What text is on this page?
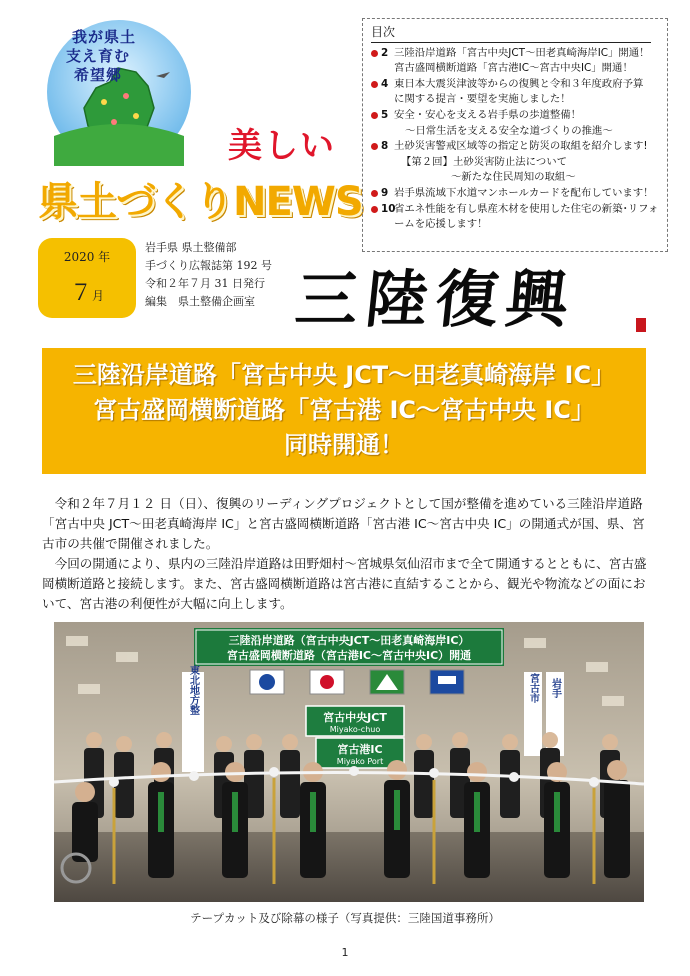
我が県土
支え育む
希望郷
美しい
県土づくりNEWS
目次
2 三陸沿岸道路「宮古中央JCT～田老真崎海岸IC」開通！
宮古盛岡横断道路「宮古港IC～宮古中央IC」開通！
4 東日本大震災津波等からの復興と令和３年度政府予算
に関する提言・要望を実施しました！
5 安全・安心を支える岩手県の歩道整備！
～日常生活を支える安全な道づくりの推進～
8 土砂災害警戒区域等の指定と防災の取組を紹介します!
【第２回】土砂災害防止法について
～新たな住民周知の取組～
9 岩手県流域下水道マンホールカードを配布しています！
10
省エネ性能を有し県産木材を使用した住宅の新築･リフォ
ームを応援します！
2020 年
７月
岩手県 県土整備部
手づくり広報誌第 192 号
令和２年７月 31 日発行
編集　県土整備企画室 三陸復興
三陸沿岸道路「宮古中央 JCT～田老真崎海岸 IC」
宮古盛岡横断道路「宮古港 IC～宮古中央 IC」
同時開通！

令和２年７月１２ 日（日）、復興のリーディングプロジェクトとして国が整備を進めている三陸沿岸道路「宮古中央 JCT～田老真崎海岸 IC」と宮古盛岡横断道路「宮古港 IC～宮古中央 IC」の開通式が国、県、宮古市の共催で開催されました。

今回の開通により、県内の三陸沿岸道路は田野畑村～宮城県気仙沼市まで全て開通するとともに、宮古盛岡横断道路と接続します。また、宮古盛岡横断道路は宮古港に直結することから、観光や物流などの面において、宮古港の利便性が大幅に向上します。

三陸沿岸道路（宮古中央JCT～田老真崎海岸IC）
宮古盛岡横断道路（宮古港IC～宮古中央IC）開通
東北地方整	宮古市 岩手
宮古中央JCT
Miyako-chuo
宮古港IC
Miyako Port
テープカット及び除幕の様子（写真提供：三陸国道事務所）
1
